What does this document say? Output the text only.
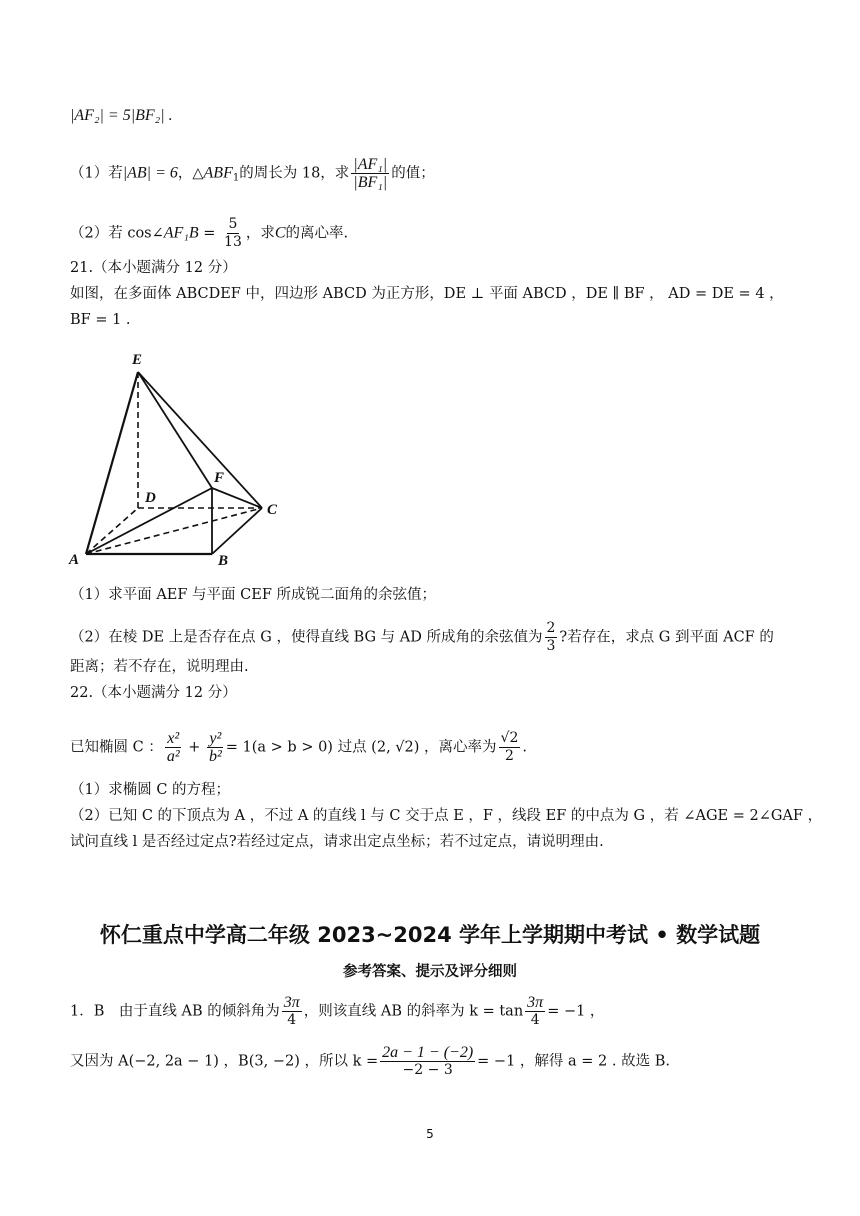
|AF₂| = 5|BF₂| .
（1）若|AB| = 6，$\triangle ABF_1$的周长为 18，求 $\frac{\text{|AF₁|}}{\text{|BF₁|}}$ 的值；
（2）若 cos∠AF₁B = $\frac{5}{13}$ ，求C的离心率.
21.（本小题满分 12 分）
如图，在多面体 ABCDEF 中，四边形 ABCD 为正方形，DE ⊥ 平面 ABCD ，DE ∥ BF ， AD = DE = 4 ，
BF = 1 .
E
D
F
C
A	B
（1）求平面 AEF 与平面 CEF 所成锐二面角的余弦值；
（2）在棱 DE 上是否存在点 G ，使得直线 BG 与 AD 所成角的余弦值为 $\frac{2}{3}$ ?若存在，求点 G 到平面 ACF 的
距离；若不存在，说明理由.
22.（本小题满分 12 分）
已知椭圆 C ： $\frac{\text{x²}}{\text{a²}} + \frac{\text{y²}}{\text{b²}} = 1(a > b > 0)$ 过点 (2, √2) ，离心率为 $\frac{√2}{2}$ .
（1）求椭圆 C 的方程；
（2）已知 C 的下顶点为 A ，不过 A 的直线 l 与 C 交于点 E ，F ，线段 EF 的中点为 G ，若 ∠AGE = 2∠GAF ，
试问直线 l 是否经过定点?若经过定点，请求出定点坐标；若不过定点，请说明理由.
怀仁重点中学高二年级 2023~2024 学年上学期期中考试 • 数学试题
参考答案、提示及评分细则
1．B　由于直线 AB 的倾斜角为 $\frac{3\pi}{4}$ ，则该直线 AB 的斜率为 $k = \tan \frac{3\pi}{4} = -1$ ，
又因为 A(−2, 2a − 1) ，B(3, −2) ，所以 $k = \frac{2a - 1 - (-2)}{-2 - 3} = -1$ ，解得 a = 2 . 故选 B.
5
